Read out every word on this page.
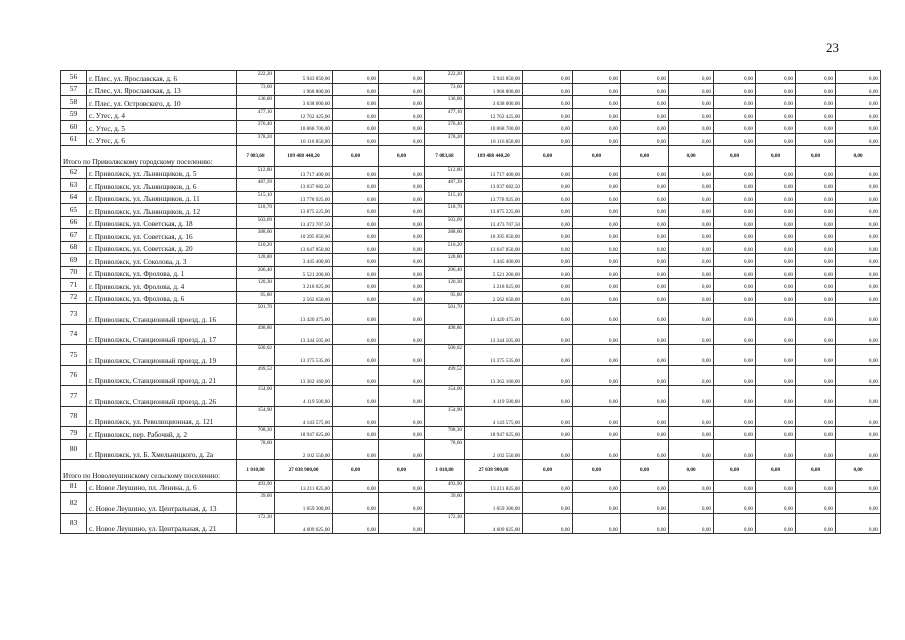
23
56	г. Плес, ул. Ярославская, д. 6	222,20	5 943 850,00	0,00	0,00	222,20	5 943 850,00	0,00	0,00	0,00	0,00	0,00	0,00	0,00	0,00
57	г. Плес, ул. Ярославская, д. 13	73,60	1 968 800,00	0,00	0,00	73,60	1 968 800,00	0,00	0,00	0,00	0,00	0,00	0,00	0,00	0,00
58	г. Плес, ул. Островского, д. 10	136,00	3 638 000,00	0,00	0,00	136,00	3 638 000,00	0,00	0,00	0,00	0,00	0,00	0,00	0,00	0,00
59	с. Утес, д. 4	477,10	12 762 425,00	0,00	0,00	477,10	12 762 425,00	0,00	0,00	0,00	0,00	0,00	0,00	0,00	0,00
60	с. Утес, д. 5	376,40	10 068 700,00	0,00	0,00	376,40	10 068 700,00	0,00	0,00	0,00	0,00	0,00	0,00	0,00	0,00
61	с. Утес, д. 6	378,20	10 116 850,00	0,00	0,00	378,20	10 116 850,00	0,00	0,00	0,00	0,00	0,00	0,00	0,00	0,00
Итого по Приволжскому городскому поселению:		7 083,68	189 488 440,20	0,00	0,00	7 083,68	189 488 440,20	0,00	0,00	0,00	0,00	0,00	0,00	0,00	0,00
62	г. Приволжск, ул. Льнянщиков, д. 5	512,80	13 717 400,00	0,00	0,00	512,80	13 717 400,00	0,00	0,00	0,00	0,00	0,00	0,00	0,00	0,00
63	г. Приволжск, ул. Льнянщиков, д. 6	487,39	13 037 682,50	0,00	0,00	487,39	13 037 682,50	0,00	0,00	0,00	0,00	0,00	0,00	0,00	0,00
64	г. Приволжск, ул. Льнянщиков, д. 11	515,10	13 778 925,00	0,00	0,00	515,10	13 778 925,00	0,00	0,00	0,00	0,00	0,00	0,00	0,00	0,00
65	г. Приволжск, ул. Льнянщиков, д. 12	518,70	13 875 225,00	0,00	0,00	518,70	13 875 225,00	0,00	0,00	0,00	0,00	0,00	0,00	0,00	0,00
66	г. Приволжск, ул. Советская, д. 18	503,69	13 473 707,50	0,00	0,00	503,69	13 473 707,50	0,00	0,00	0,00	0,00	0,00	0,00	0,00	0,00
67	г. Приволжск, ул. Советская, д. 16	388,60	10 395 050,00	0,00	0,00	388,60	10 395 050,00	0,00	0,00	0,00	0,00	0,00	0,00	0,00	0,00
68	г. Приволжск, ул. Советская, д. 20	510,20	13 647 850,00	0,00	0,00	510,20	13 647 850,00	0,00	0,00	0,00	0,00	0,00	0,00	0,00	0,00
69	г. Приволжск, ул. Соколова, д. 3	128,80	3 445 400,00	0,00	0,00	128,80	3 445 400,00	0,00	0,00	0,00	0,00	0,00	0,00	0,00	0,00
70	г. Приволжск, ул. Фролова, д. 1	206,40	5 521 200,00	0,00	0,00	206,40	5 521 200,00	0,00	0,00	0,00	0,00	0,00	0,00	0,00	0,00
71	г. Приволжск, ул. Фролова, д. 4	120,30	3 218 025,00	0,00	0,00	120,30	3 218 025,00	0,00	0,00	0,00	0,00	0,00	0,00	0,00	0,00
72	г. Приволжск, ул. Фролова, д. 6	95,80	2 562 650,00	0,00	0,00	95,80	2 562 650,00	0,00	0,00	0,00	0,00	0,00	0,00	0,00	0,00
73	г. Приволжск, Станционный проезд, д. 16	501,70	13 420 475,00	0,00	0,00	501,70	13 420 475,00	0,00	0,00	0,00	0,00	0,00	0,00	0,00	0,00
74	г. Приволжск, Станционный проезд, д. 17	498,86	13 344 505,00	0,00	0,00	498,86	13 344 505,00	0,00	0,00	0,00	0,00	0,00	0,00	0,00	0,00
75	г. Приволжск, Станционный проезд, д. 19	500,02	13 375 535,00	0,00	0,00	500,02	13 375 535,00	0,00	0,00	0,00	0,00	0,00	0,00	0,00	0,00
76	г. Приволжск, Станционный проезд, д. 21	499,52	13 362 160,00	0,00	0,00	499,52	13 362 160,00	0,00	0,00	0,00	0,00	0,00	0,00	0,00	0,00
77	г. Приволжск, Станционный проезд, д. 26	154,00	4 119 500,00	0,00	0,00	154,00	4 119 500,00	0,00	0,00	0,00	0,00	0,00	0,00	0,00	0,00
78	г. Приволжск, ул. Революционная, д. 121	154,90	4 143 575,00	0,00	0,00	154,90	4 143 575,00	0,00	0,00	0,00	0,00	0,00	0,00	0,00	0,00
79	г. Приволжск, пер. Рабочий, д. 2	708,30	18 947 025,00	0,00	0,00	708,30	18 947 025,00	0,00	0,00	0,00	0,00	0,00	0,00	0,00	0,00
80	г. Приволжск, ул. Б. Хмельницкого, д. 2а	78,60	2 102 550,00	0,00	0,00	78,60	2 102 550,00	0,00	0,00	0,00	0,00	0,00	0,00	0,00	0,00
Итого по Новолеушинскому сельскому поселению:		1 010,80	27 038 900,00	0,00	0,00	1 010,80	27 038 900,00	0,00	0,00	0,00	0,00	0,00	0,00	0,00	0,00
81	с. Новое Леушино, пл. Ленина, д. 6	493,90	13 211 825,00	0,00	0,00	493,90	13 211 825,00	0,00	0,00	0,00	0,00	0,00	0,00	0,00	0,00
82	с. Новое Леушино, ул. Центральная, д. 13	39,60	1 059 300,00	0,00	0,00	39,60	1 059 300,00	0,00	0,00	0,00	0,00	0,00	0,00	0,00	0,00
83	с. Новое Леушино, ул. Центральная, д. 21	172,30	4 609 025,00	0,00	0,00	172,30	4 609 025,00	0,00	0,00	0,00	0,00	0,00	0,00	0,00	0,00
